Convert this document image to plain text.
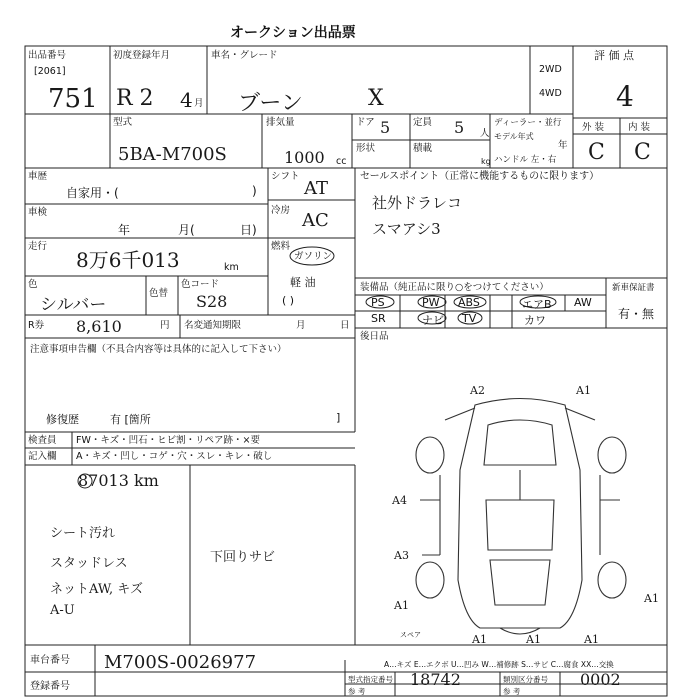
オークション出品票
出品番号
[2061]
751
初度登録年月
R 2 4 月
車名・グレード
ブーン	X
2WD
4WD
評 価 点
4
外 装	内 装
C C
型式
5BA-M700S
排気量
1000 cc
ドア 5 定員 5 人
形状	積載
kg
ディーラー・並行
モデル年式
年
ハンドル 左・右
車歴
自家用・(	)
車検
年	月(	日)
走行
8万6千013	km
色
シルバー
色替
色コード
S28
R券 8,610	円 名変通知期限	月	日
シフト
AT
冷房 AC
燃料
ガソリン
軽 油
( )
セールスポイント（正常に機能するものに限ります）
社外ドラレコ
スマアシ3
装備品（純正品に限り○をつけてください）
PS	PW ABS	エアB AW
SR	ナビ TV	カワ
新車保証書
有・無
後日品
注意事項申告欄（不具合内容等は具体的に記入して下さい）
修復歴	有 [箇所	]
検査員
記入欄
FW・キズ・凹石・ヒビ割・リペア跡・×要
A・キズ・凹し・コゲ・穴・スレ・キレ・破し
87013 km
シート汚れ
スタッドレス
ネットAW, キズ
A-U
下回りサビ
A2	A1
A4
A3
A1
A1
A1	A1	A1
スペア
A…キズ E…エクボ U…凹み W…補修跡 S…サビ C…腐食 XX…交換
車台番号 M700S-0026977
登録番号
型式指定番号 18742	類別区分番号 0002
参 考	参 考
